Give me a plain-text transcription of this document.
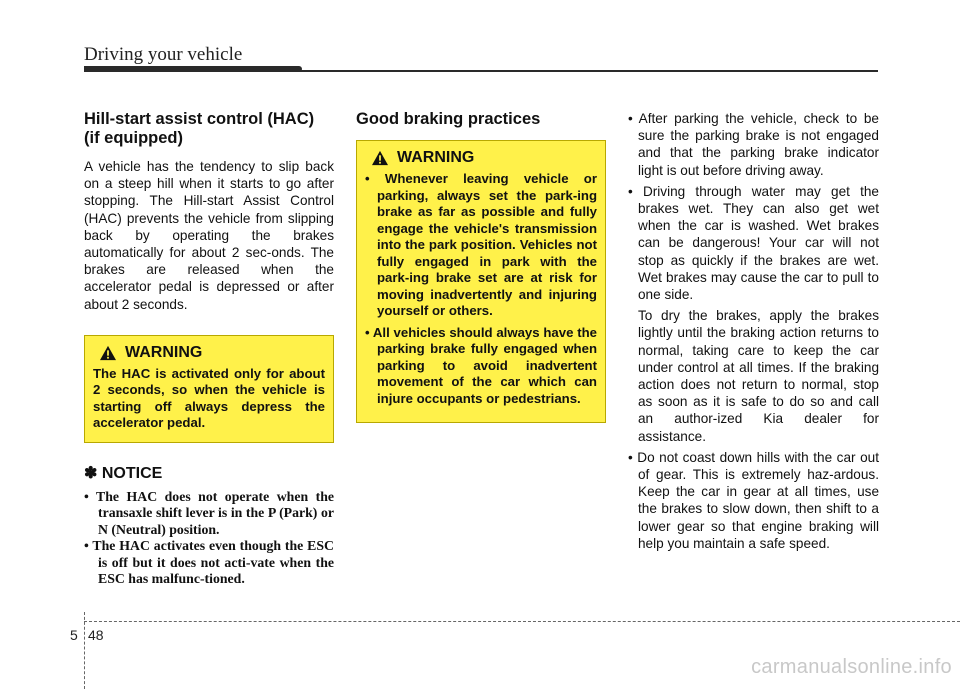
Driving your vehicle
Hill-start assist control (HAC) (if equipped)

A vehicle has the tendency to slip back on a steep hill when it starts to go after stopping. The Hill-start Assist Control (HAC) prevents the vehicle from slipping back by operating the brakes automatically for about 2 sec-onds. The brakes are released when the accelerator pedal is depressed or after about 2 seconds.

WARNING
The HAC is activated only for about 2 seconds, so when the vehicle is starting off always depress the accelerator pedal.
✽ NOTICE
• The HAC does not operate when the transaxle shift lever is in the P (Park) or N (Neutral) position.
• The HAC activates even though the ESC is off but it does not acti-vate when the ESC has malfunc-tioned.
Good braking practices
WARNING
• Whenever leaving vehicle or parking, always set the park-ing brake as far as possible and fully engage the vehicle's transmission into the park position. Vehicles not fully engaged in park with the park-ing brake set are at risk for moving inadvertently and injuring yourself or others.
• All vehicles should always have the parking brake fully engaged when parking to avoid inadvertent movement of the car which can injure occupants or pedestrians.
• After parking the vehicle, check to be sure the parking brake is not engaged and that the parking brake indicator light is out before driving away.
• Driving through water may get the brakes wet. They can also get wet when the car is washed. Wet brakes can be dangerous! Your car will not stop as quickly if the brakes are wet. Wet brakes may cause the car to pull to one side.

To dry the brakes, apply the brakes lightly until the braking action returns to normal, taking care to keep the car under control at all times. If the braking action does not return to normal, stop as soon as it is safe to do so and call an author-ized Kia dealer for assistance.

• Do not coast down hills with the car out of gear. This is extremely haz-ardous. Keep the car in gear at all times, use the brakes to slow down, then shift to a lower gear so that engine braking will help you maintain a safe speed.
5 48
carmanualsonline.info
